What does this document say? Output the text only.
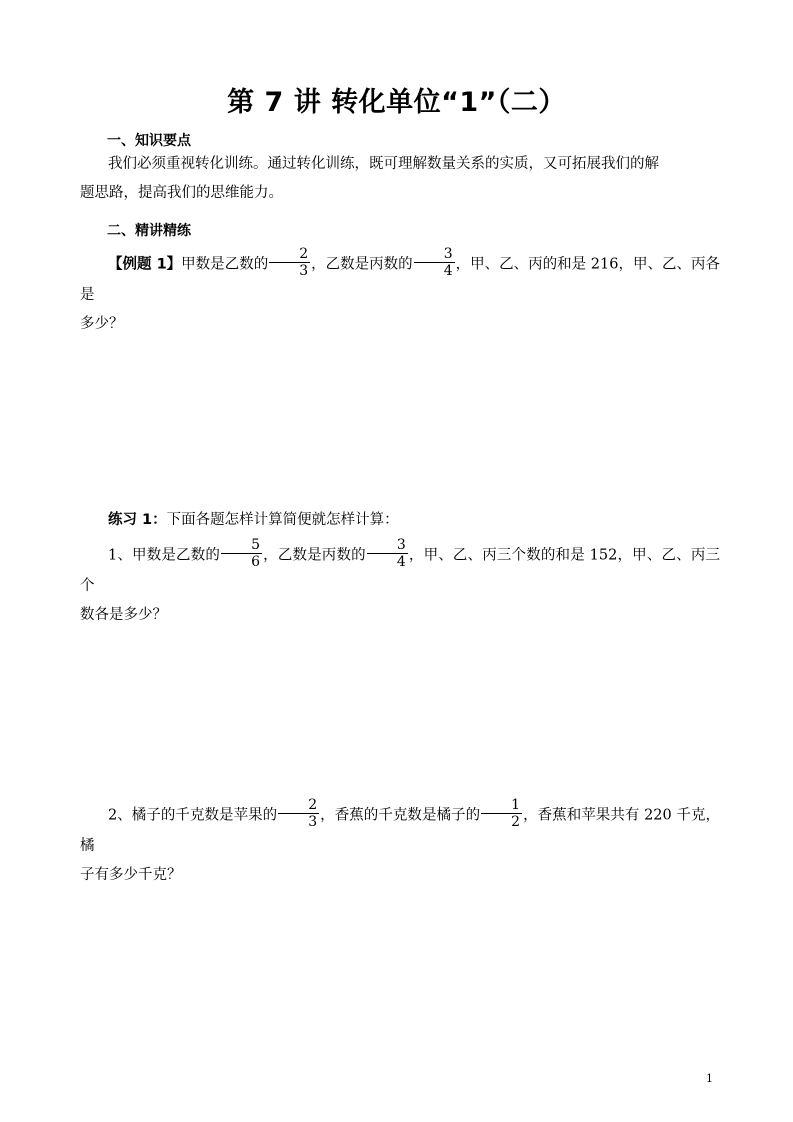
第 7 讲 转化单位“1”（二）

一、知识要点

我们必须重视转化训练。通过转化训练，既可理解数量关系的实质，又可拓展我们的解
题思路，提高我们的思维能力。

二、精讲精练

【例题 1】甲数是乙数的 $\frac{2}{3}$ ，乙数是丙数的 $\frac{3}{4}$ ，甲、乙、丙的和是 216，甲、乙、丙各是
多少？

练习 1：下面各题怎样计算简便就怎样计算：

1、甲数是乙数的 $\frac{5}{6}$ ，乙数是丙数的 $\frac{3}{4}$ ，甲、乙、丙三个数的和是 152，甲、乙、丙三个
数各是多少？

2、橘子的千克数是苹果的 $\frac{2}{3}$ ，香蕉的千克数是橘子的 $\frac{1}{2}$ ，香蕉和苹果共有 220 千克，橘
子有多少千克？

1
